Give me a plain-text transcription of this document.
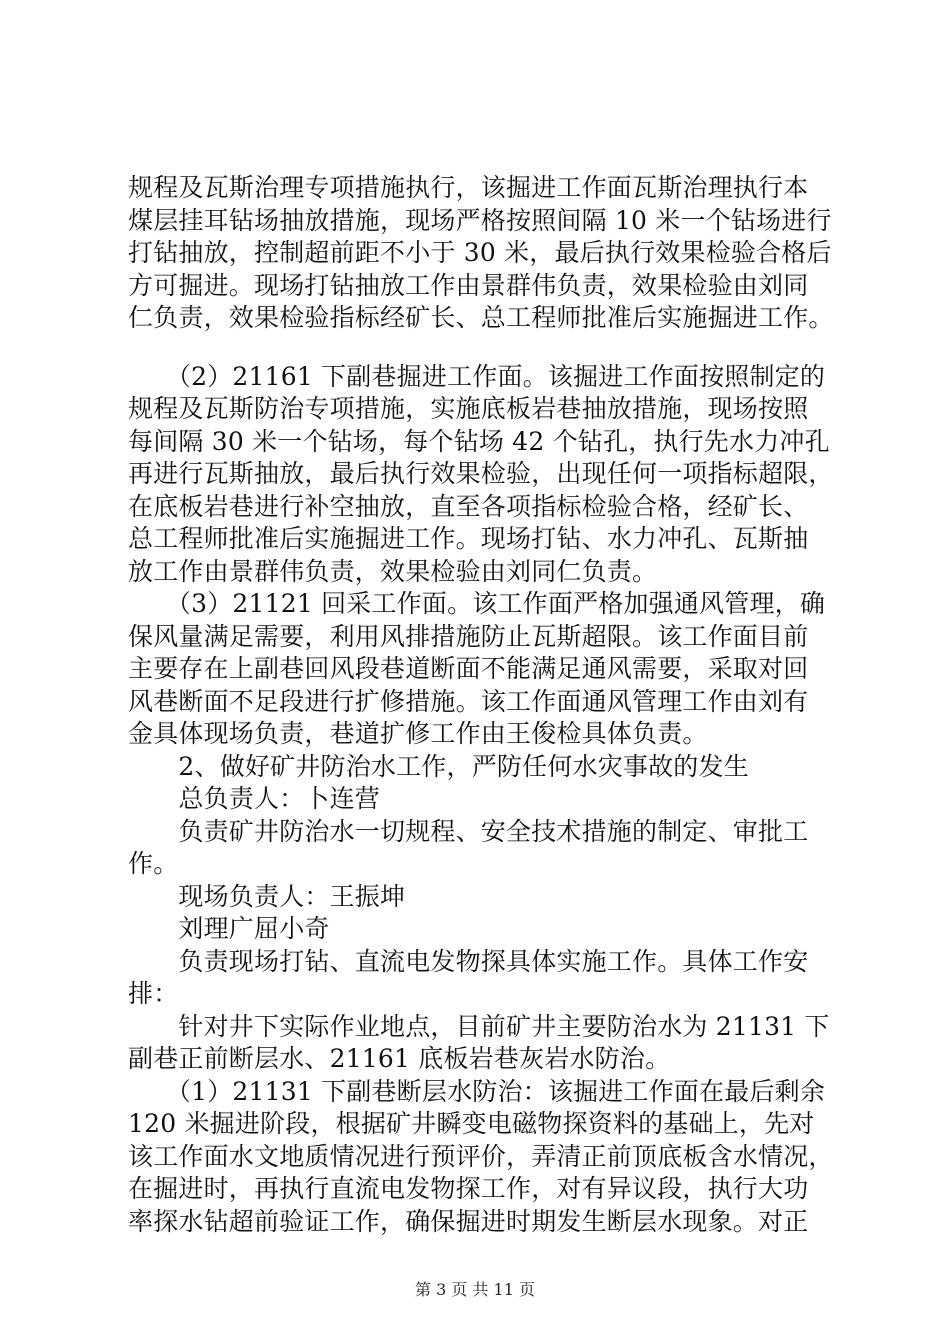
规程及瓦斯治理专项措施执行，该掘进工作面瓦斯治理执行本
煤层挂耳钻场抽放措施，现场严格按照间隔 10 米一个钻场进行
打钻抽放，控制超前距不小于 30 米，最后执行效果检验合格后
方可掘进。现场打钻抽放工作由景群伟负责，效果检验由刘同
仁负责，效果检验指标经矿长、总工程师批准后实施掘进工作。
　　（2）21161 下副巷掘进工作面。该掘进工作面按照制定的
规程及瓦斯防治专项措施，实施底板岩巷抽放措施，现场按照
每间隔 30 米一个钻场，每个钻场 42 个钻孔，执行先水力冲孔
再进行瓦斯抽放，最后执行效果检验，出现任何一项指标超限，
在底板岩巷进行补空抽放，直至各项指标检验合格，经矿长、
总工程师批准后实施掘进工作。现场打钻、水力冲孔、瓦斯抽
放工作由景群伟负责，效果检验由刘同仁负责。
　　（3）21121 回采工作面。该工作面严格加强通风管理，确
保风量满足需要，利用风排措施防止瓦斯超限。该工作面目前
主要存在上副巷回风段巷道断面不能满足通风需要，采取对回
风巷断面不足段进行扩修措施。该工作面通风管理工作由刘有
金具体现场负责，巷道扩修工作由王俊检具体负责。
　　2、做好矿井防治水工作，严防任何水灾事故的发生
　　总负责人：卜连营
　　负责矿井防治水一切规程、安全技术措施的制定、审批工
作。
　　现场负责人：王振坤
　　刘理广屈小奇
　　负责现场打钻、直流电发物探具体实施工作。具体工作安
排：
　　针对井下实际作业地点，目前矿井主要防治水为 21131 下
副巷正前断层水、21161 底板岩巷灰岩水防治。
　　（1）21131 下副巷断层水防治：该掘进工作面在最后剩余
120 米掘进阶段，根据矿井瞬变电磁物探资料的基础上，先对
该工作面水文地质情况进行预评价，弄清正前顶底板含水情况，
在掘进时，再执行直流电发物探工作，对有异议段，执行大功
率探水钻超前验证工作，确保掘进时期发生断层水现象。对正
第 3 页 共 11 页
